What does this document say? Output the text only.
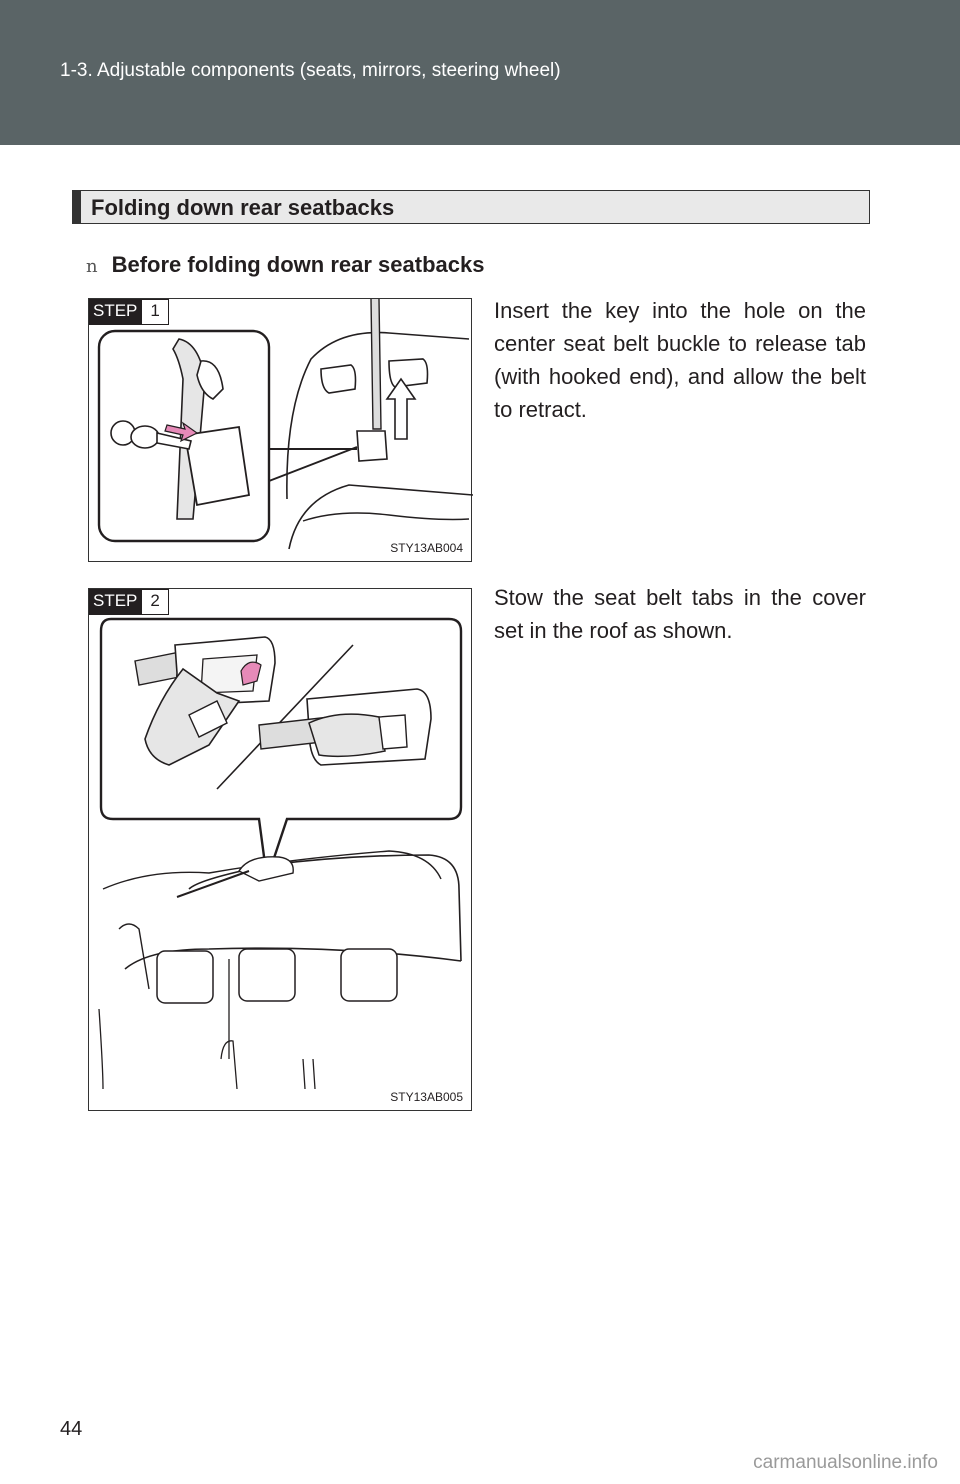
1-3. Adjustable components (seats, mirrors, steering wheel)
Folding down rear seatbacks
n Before folding down rear seatbacks
STEP 1
STY13AB004
Insert the key into the hole on the center seat belt buckle to release tab (with hooked end), and allow the belt to retract.
STEP 2
STY13AB005
Stow the seat belt tabs in the cover set in the roof as shown.
44
carmanualsonline.info
